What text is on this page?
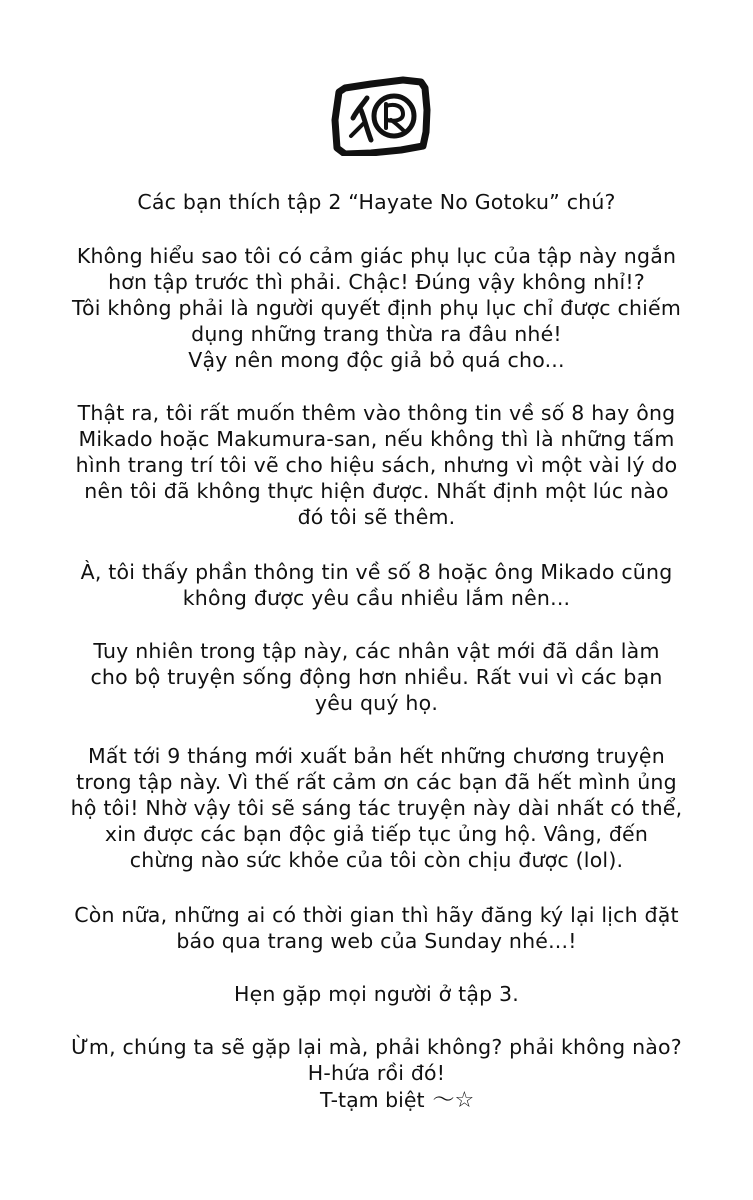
Các bạn thích tập 2 “Hayate No Gotoku” chú?

Không hiểu sao tôi có cảm giác phụ lục của tập này ngắn

hơn tập trước thì phải. Chậc! Đúng vậy không nhỉ!?

Tôi không phải là người quyết định phụ lục chỉ được chiếm

dụng những trang thừa ra đâu nhé!

Vậy nên mong độc giả bỏ quá cho...

Thật ra, tôi rất muốn thêm vào thông tin về số 8 hay ông

Mikado hoặc Makumura-san, nếu không thì là những tấm

hình trang trí tôi vẽ cho hiệu sách, nhưng vì một vài lý do

nên tôi đã không thực hiện được. Nhất định một lúc nào

đó tôi sẽ thêm.

À, tôi thấy phần thông tin về số 8 hoặc ông Mikado cũng

không được yêu cầu nhiều lắm nên...

Tuy nhiên trong tập này, các nhân vật mới đã dần làm

cho bộ truyện sống động hơn nhiều. Rất vui vì các bạn

yêu quý họ.

Mất tới 9 tháng mới xuất bản hết những chương truyện

trong tập này. Vì thế rất cảm ơn các bạn đã hết mình ủng

hộ tôi! Nhờ vậy tôi sẽ sáng tác truyện này dài nhất có thể,

xin được các bạn độc giả tiếp tục ủng hộ. Vâng, đến

chừng nào sức khỏe của tôi còn chịu được (lol).

Còn nữa, những ai có thời gian thì hãy đăng ký lại lịch đặt

báo qua trang web của Sunday nhé...!

Hẹn gặp mọi người ở tập 3.

Ừm, chúng ta sẽ gặp lại mà, phải không? phải không nào?

H-hứa rồi đó!

T-tạm biệt 〜☆
